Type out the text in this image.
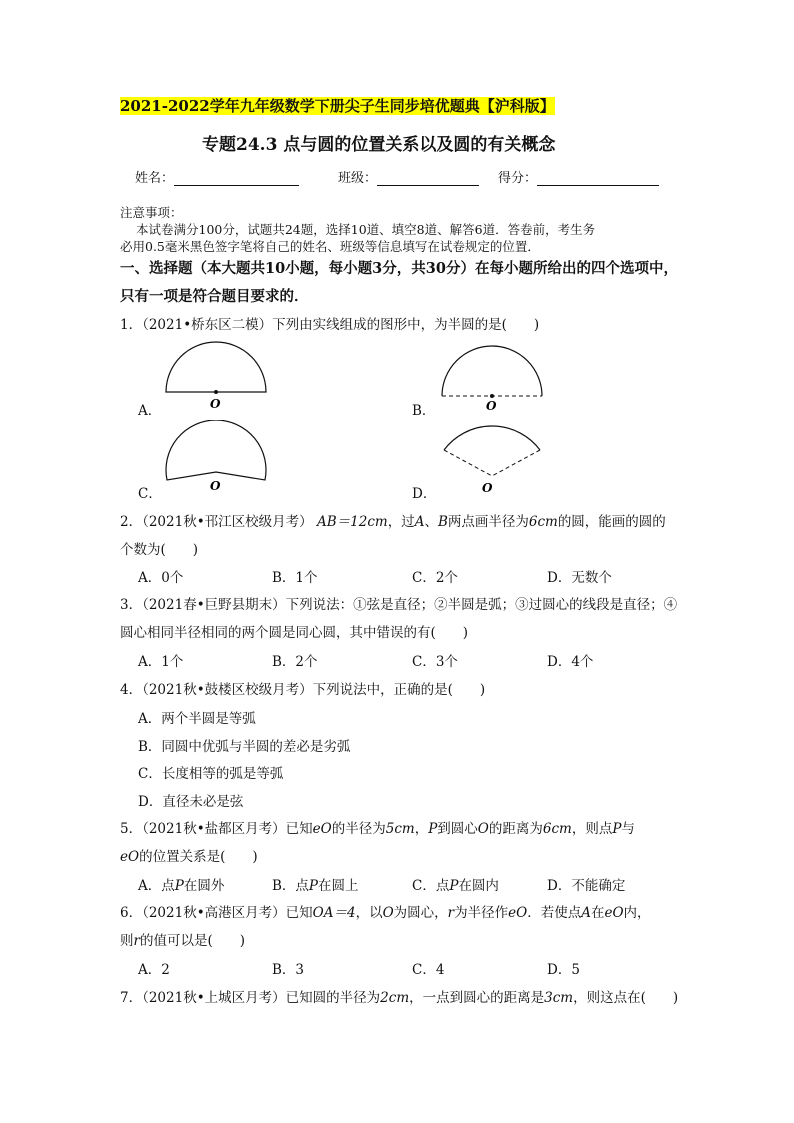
2021-2022学年九年级数学下册尖子生同步培优题典【沪科版】
专题24.3 点与圆的位置关系以及圆的有关概念
姓名：	班级：	得分：
注意事项：
本试卷满分100分，试题共24题，选择10道、填空8道、解答6道．答卷前，考生务
必用0.5毫米黑色签字笔将自己的姓名、班级等信息填写在试卷规定的位置．
一、选择题（本大题共10小题，每小题3分，共30分）在每小题所给出的四个选项中，
只有一项是符合题目要求的．
1．（2021•桥东区二模）下列由实线组成的图形中，为半圆的是(　　)
A．	O	B．	O
C．	O	D．	O
2．（2021秋•邗江区校级月考） AB＝12cm，过A、B两点画半径为6cm的圆，能画的圆的
个数为(　　)
A．0个	B．1个	C．2个	D．无数个
3．（2021春•巨野县期末）下列说法：①弦是直径；②半圆是弧；③过圆心的线段是直径；④
圆心相同半径相同的两个圆是同心圆，其中错误的有(　　)
A．1个	B．2个	C．3个	D．4个
4．（2021秋•鼓楼区校级月考）下列说法中，正确的是(　　)
A．两个半圆是等弧
B．同圆中优弧与半圆的差必是劣弧
C．长度相等的弧是等弧
D．直径未必是弦
5．（2021秋•盐都区月考）已知eO的半径为5cm，P到圆心O的距离为6cm，则点P与
eO的位置关系是(　　)
A．点P在圆外	B．点P在圆上	C．点P在圆内	D．不能确定
6．（2021秋•高港区月考）已知OA＝4，以O为圆心，r为半径作eO．若使点A在eO内，
则r的值可以是(　　)
A．2	B．3	C．4	D．5
7．（2021秋•上城区月考）已知圆的半径为2cm，一点到圆心的距离是3cm，则这点在(　　)
